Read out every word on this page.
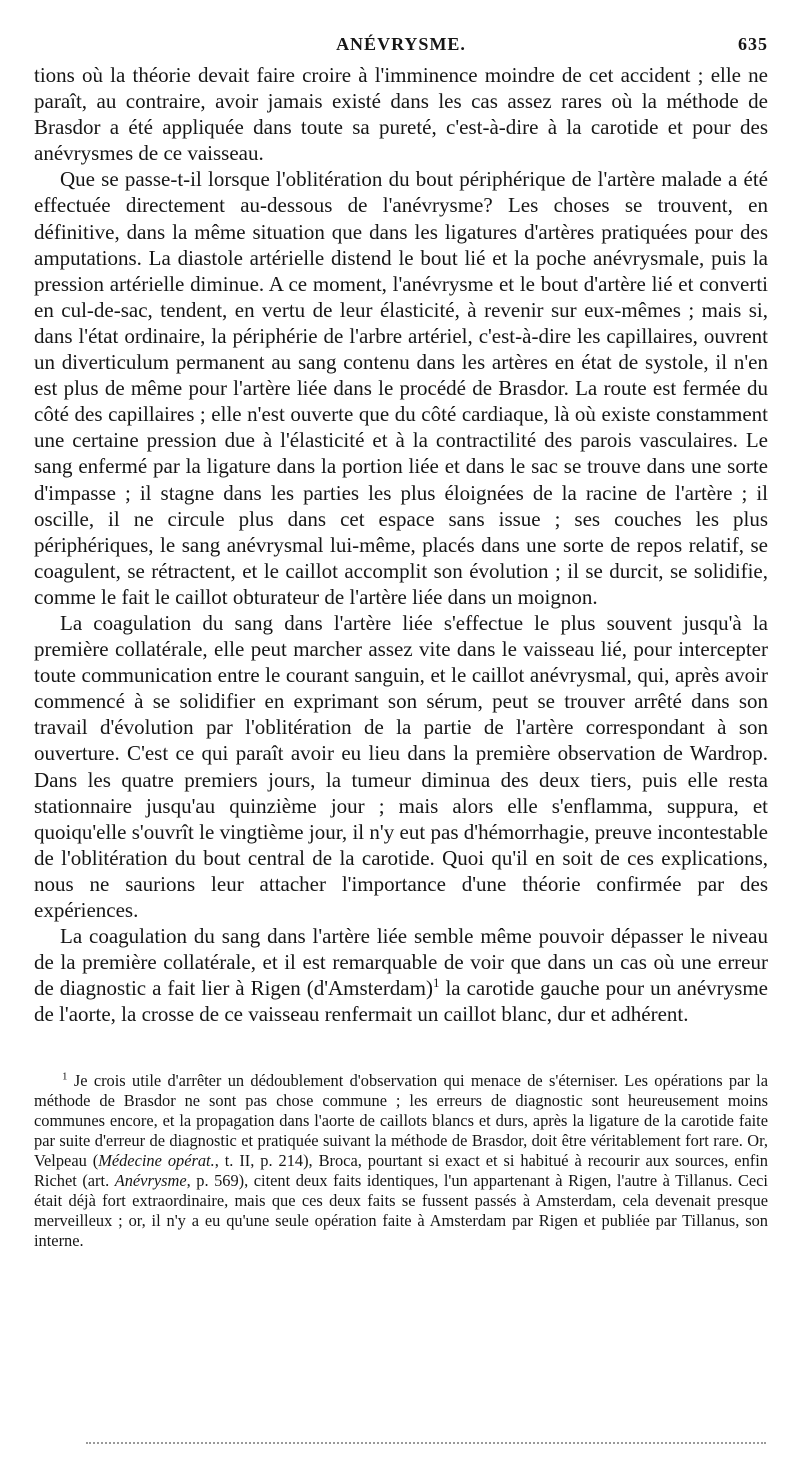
ANÉVRYSME.	635

tions où la théorie devait faire croire à l'imminence moindre de cet accident ; elle ne paraît, au contraire, avoir jamais existé dans les cas assez rares où la méthode de Brasdor a été appliquée dans toute sa pureté, c'est-à-dire à la carotide et pour des anévrysmes de ce vaisseau.

Que se passe-t-il lorsque l'oblitération du bout périphérique de l'artère malade a été effectuée directement au-dessous de l'anévrysme? Les choses se trouvent, en définitive, dans la même situation que dans les ligatures d'artères pratiquées pour des amputations. La diastole artérielle distend le bout lié et la poche anévrysmale, puis la pression artérielle diminue. A ce moment, l'anévrysme et le bout d'artère lié et converti en cul-de-sac, tendent, en vertu de leur élasticité, à revenir sur eux-mêmes ; mais si, dans l'état ordinaire, la périphérie de l'arbre artériel, c'est-à-dire les capillaires, ouvrent un diverticulum permanent au sang contenu dans les artères en état de systole, il n'en est plus de même pour l'artère liée dans le procédé de Brasdor. La route est fermée du côté des capillaires ; elle n'est ouverte que du côté cardiaque, là où existe constamment une certaine pression due à l'élasticité et à la contractilité des parois vasculaires. Le sang enfermé par la ligature dans la portion liée et dans le sac se trouve dans une sorte d'impasse ; il stagne dans les parties les plus éloignées de la racine de l'artère ; il oscille, il ne circule plus dans cet espace sans issue ; ses couches les plus périphériques, le sang anévrysmal lui-même, placés dans une sorte de repos relatif, se coagulent, se rétractent, et le caillot accomplit son évolution ; il se durcit, se solidifie, comme le fait le caillot obturateur de l'artère liée dans un moignon.

La coagulation du sang dans l'artère liée s'effectue le plus souvent jusqu'à la première collatérale, elle peut marcher assez vite dans le vaisseau lié, pour intercepter toute communication entre le courant sanguin, et le caillot anévrysmal, qui, après avoir commencé à se solidifier en exprimant son sérum, peut se trouver arrêté dans son travail d'évolution par l'oblitération de la partie de l'artère correspondant à son ouverture. C'est ce qui paraît avoir eu lieu dans la première observation de Wardrop. Dans les quatre premiers jours, la tumeur diminua des deux tiers, puis elle resta stationnaire jusqu'au quinzième jour ; mais alors elle s'enflamma, suppura, et quoiqu'elle s'ouvrît le vingtième jour, il n'y eut pas d'hémorrhagie, preuve incontestable de l'oblitération du bout central de la carotide. Quoi qu'il en soit de ces explications, nous ne saurions leur attacher l'importance d'une théorie confirmée par des expériences.

La coagulation du sang dans l'artère liée semble même pouvoir dépasser le niveau de la première collatérale, et il est remarquable de voir que dans un cas où une erreur de diagnostic a fait lier à Rigen (d'Amsterdam)$^1$ la carotide gauche pour un anévrysme de l'aorte, la crosse de ce vaisseau renfermait un caillot blanc, dur et adhérent.

$^1$ Je crois utile d'arrêter un dédoublement d'observation qui menace de s'éterniser. Les opérations par la méthode de Brasdor ne sont pas chose commune ; les erreurs de diagnostic sont heureusement moins communes encore, et la propagation dans l'aorte de caillots blancs et durs, après la ligature de la carotide faite par suite d'erreur de diagnostic et pratiquée suivant la méthode de Brasdor, doit être véritablement fort rare. Or, Velpeau (Médecine opérat., t. II, p. 214), Broca, pourtant si exact et si habitué à recourir aux sources, enfin Richet (art. Anévrysme, p. 569), citent deux faits identiques, l'un appartenant à Rigen, l'autre à Tillanus. Ceci était déjà fort extraordinaire, mais que ces deux faits se fussent passés à Amsterdam, cela devenait presque merveilleux ; or, il n'y a eu qu'une seule opération faite à Amsterdam par Rigen et publiée par Tillanus, son interne.
